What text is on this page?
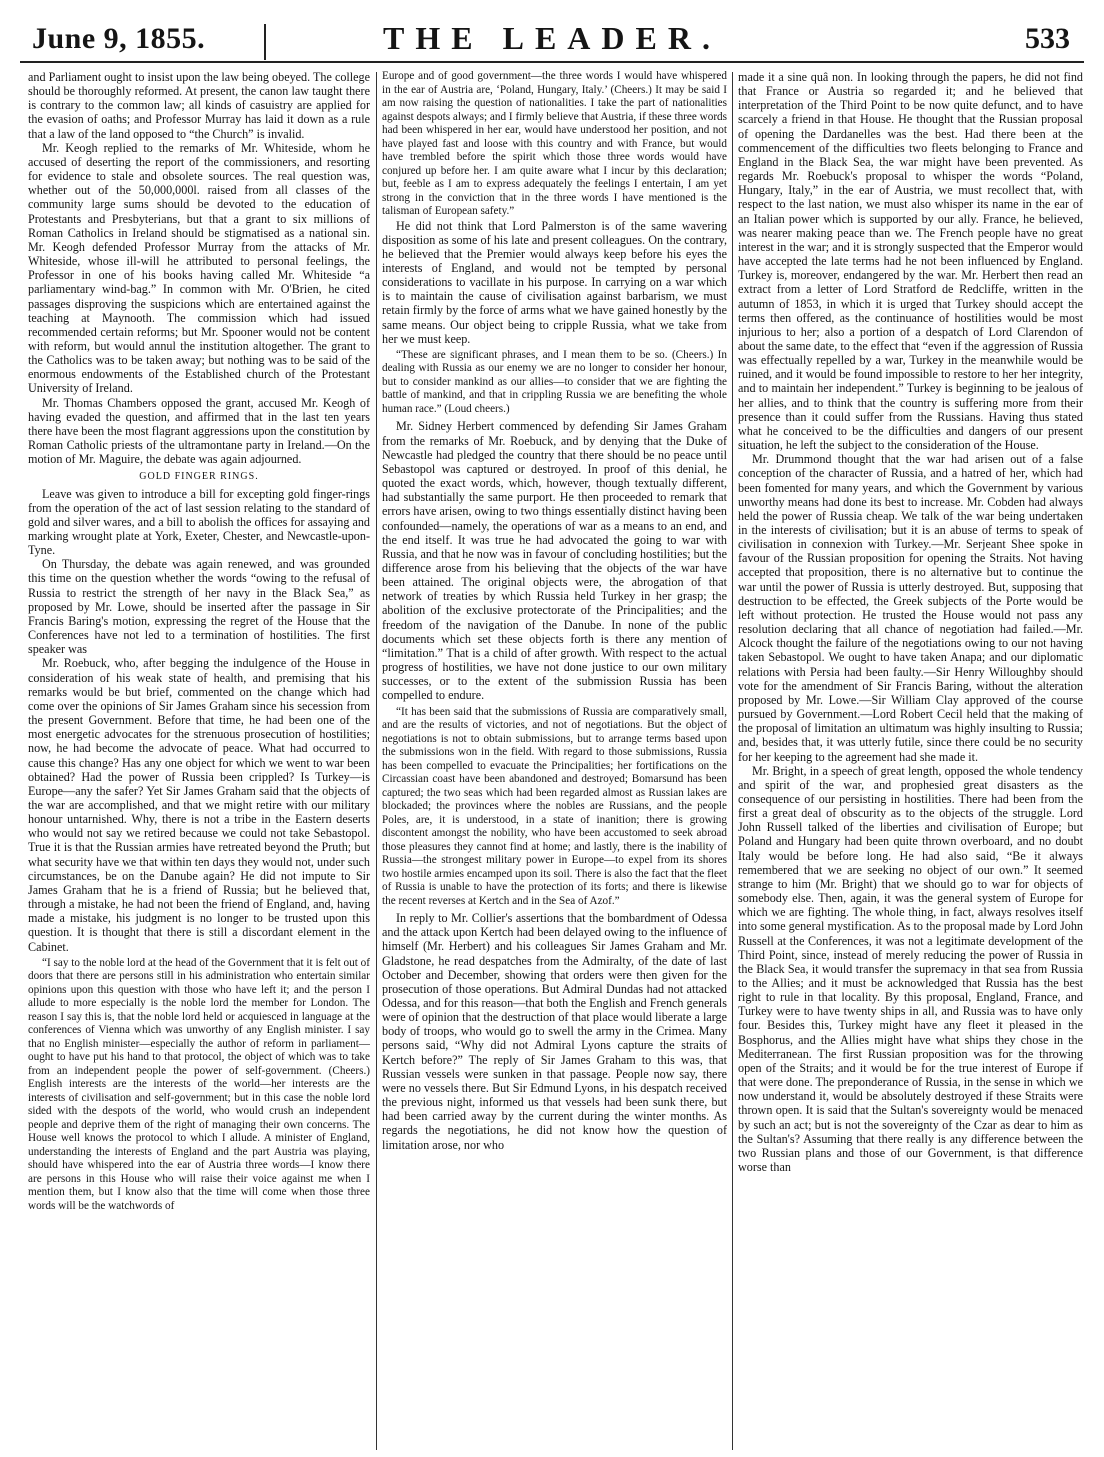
June 9, 1855.	THE LEADER.	533

and Parliament ought to insist upon the law being obeyed. The college should be thoroughly reformed. At present, the canon law taught there is contrary to the common law; all kinds of casuistry are applied for the evasion of oaths; and Professor Murray has laid it down as a rule that a law of the land opposed to “the Church” is invalid.

Mr. Keogh replied to the remarks of Mr. Whiteside, whom he accused of deserting the report of the commissioners, and resorting for evidence to stale and obsolete sources. The real question was, whether out of the 50,000,000l. raised from all classes of the community large sums should be devoted to the education of Protestants and Presbyterians, but that a grant to six millions of Roman Catholics in Ireland should be stigmatised as a national sin. Mr. Keogh defended Professor Murray from the attacks of Mr. Whiteside, whose ill-will he attributed to personal feelings, the Professor in one of his books having called Mr. Whiteside “a parliamentary wind-bag.” In common with Mr. O'Brien, he cited passages disproving the suspicions which are entertained against the teaching at Maynooth. The commission which had issued recommended certain reforms; but Mr. Spooner would not be content with reform, but would annul the institution altogether. The grant to the Catholics was to be taken away; but nothing was to be said of the enormous endowments of the Established church of the Protestant University of Ireland.

Mr. Thomas Chambers opposed the grant, accused Mr. Keogh of having evaded the question, and affirmed that in the last ten years there have been the most flagrant aggressions upon the constitution by Roman Catholic priests of the ultramontane party in Ireland.—On the motion of Mr. Maguire, the debate was again adjourned.

GOLD FINGER RINGS.

Leave was given to introduce a bill for excepting gold finger-rings from the operation of the act of last session relating to the standard of gold and silver wares, and a bill to abolish the offices for assaying and marking wrought plate at York, Exeter, Chester, and Newcastle-upon-Tyne.

On Thursday, the debate was again renewed, and was grounded this time on the question whether the words “owing to the refusal of Russia to restrict the strength of her navy in the Black Sea,” as proposed by Mr. Lowe, should be inserted after the passage in Sir Francis Baring's motion, expressing the regret of the House that the Conferences have not led to a termination of hostilities. The first speaker was

Mr. Roebuck, who, after begging the indulgence of the House in consideration of his weak state of health, and premising that his remarks would be but brief, commented on the change which had come over the opinions of Sir James Graham since his secession from the present Government. Before that time, he had been one of the most energetic advocates for the strenuous prosecution of hostilities; now, he had become the advocate of peace. What had occurred to cause this change? Has any one object for which we went to war been obtained? Had the power of Russia been crippled? Is Turkey—is Europe—any the safer? Yet Sir James Graham said that the objects of the war are accomplished, and that we might retire with our military honour untarnished. Why, there is not a tribe in the Eastern deserts who would not say we retired because we could not take Sebastopol. True it is that the Russian armies have retreated beyond the Pruth; but what security have we that within ten days they would not, under such circumstances, be on the Danube again? He did not impute to Sir James Graham that he is a friend of Russia; but he believed that, through a mistake, he had not been the friend of England, and, having made a mistake, his judgment is no longer to be trusted upon this question. It is thought that there is still a discordant element in the Cabinet.

“I say to the noble lord at the head of the Government that it is felt out of doors that there are persons still in his administration who entertain similar opinions upon this question with those who have left it; and the person I allude to more especially is the noble lord the member for London. The reason I say this is, that the noble lord held or acquiesced in language at the conferences of Vienna which was unworthy of any English minister. I say that no English minister—especially the author of reform in parliament—ought to have put his hand to that protocol, the object of which was to take from an independent people the power of self-government. (Cheers.) English interests are the interests of the world—her interests are the interests of civilisation and self-government; but in this case the noble lord sided with the despots of the world, who would crush an independent people and deprive them of the right of managing their own concerns. The House well knows the protocol to which I allude. A minister of England, understanding the interests of England and the part Austria was playing, should have whispered into the ear of Austria three words—I know there are persons in this House who will raise their voice against me when I mention them, but I know also that the time will come when those three words will be the watchwords of

Europe and of good government—the three words I would have whispered in the ear of Austria are, ‘Poland, Hungary, Italy.’ (Cheers.) It may be said I am now raising the question of nationalities. I take the part of nationalities against despots always; and I firmly believe that Austria, if these three words had been whispered in her ear, would have understood her position, and not have played fast and loose with this country and with France, but would have trembled before the spirit which those three words would have conjured up before her. I am quite aware what I incur by this declaration; but, feeble as I am to express adequately the feelings I entertain, I am yet strong in the conviction that in the three words I have mentioned is the talisman of European safety.”

He did not think that Lord Palmerston is of the same wavering disposition as some of his late and present colleagues. On the contrary, he believed that the Premier would always keep before his eyes the interests of England, and would not be tempted by personal considerations to vacillate in his purpose. In carrying on a war which is to maintain the cause of civilisation against barbarism, we must retain firmly by the force of arms what we have gained honestly by the same means. Our object being to cripple Russia, what we take from her we must keep.

“These are significant phrases, and I mean them to be so. (Cheers.) In dealing with Russia as our enemy we are no longer to consider her honour, but to consider mankind as our allies—to consider that we are fighting the battle of mankind, and that in crippling Russia we are benefiting the whole human race.” (Loud cheers.)

Mr. Sidney Herbert commenced by defending Sir James Graham from the remarks of Mr. Roebuck, and by denying that the Duke of Newcastle had pledged the country that there should be no peace until Sebastopol was captured or destroyed. In proof of this denial, he quoted the exact words, which, however, though textually different, had substantially the same purport. He then proceeded to remark that errors have arisen, owing to two things essentially distinct having been confounded—namely, the operations of war as a means to an end, and the end itself. It was true he had advocated the going to war with Russia, and that he now was in favour of concluding hostilities; but the difference arose from his believing that the objects of the war have been attained. The original objects were, the abrogation of that network of treaties by which Russia held Turkey in her grasp; the abolition of the exclusive protectorate of the Principalities; and the freedom of the navigation of the Danube. In none of the public documents which set these objects forth is there any mention of “limitation.” That is a child of after growth. With respect to the actual progress of hostilities, we have not done justice to our own military successes, or to the extent of the submission Russia has been compelled to endure.

“It has been said that the submissions of Russia are comparatively small, and are the results of victories, and not of negotiations. But the object of negotiations is not to obtain submissions, but to arrange terms based upon the submissions won in the field. With regard to those submissions, Russia has been compelled to evacuate the Principalities; her fortifications on the Circassian coast have been abandoned and destroyed; Bomarsund has been captured; the two seas which had been regarded almost as Russian lakes are blockaded; the provinces where the nobles are Russians, and the people Poles, are, it is understood, in a state of inanition; there is growing discontent amongst the nobility, who have been accustomed to seek abroad those pleasures they cannot find at home; and lastly, there is the inability of Russia—the strongest military power in Europe—to expel from its shores two hostile armies encamped upon its soil. There is also the fact that the fleet of Russia is unable to have the protection of its forts; and there is likewise the recent reverses at Kertch and in the Sea of Azof.”

In reply to Mr. Collier's assertions that the bombardment of Odessa and the attack upon Kertch had been delayed owing to the influence of himself (Mr. Herbert) and his colleagues Sir James Graham and Mr. Gladstone, he read despatches from the Admiralty, of the date of last October and December, showing that orders were then given for the prosecution of those operations. But Admiral Dundas had not attacked Odessa, and for this reason—that both the English and French generals were of opinion that the destruction of that place would liberate a large body of troops, who would go to swell the army in the Crimea. Many persons said, “Why did not Admiral Lyons capture the straits of Kertch before?” The reply of Sir James Graham to this was, that Russian vessels were sunken in that passage. People now say, there were no vessels there. But Sir Edmund Lyons, in his despatch received the previous night, informed us that vessels had been sunk there, but had been carried away by the current during the winter months. As regards the negotiations, he did not know how the question of limitation arose, nor who

made it a sine quâ non. In looking through the papers, he did not find that France or Austria so regarded it; and he believed that interpretation of the Third Point to be now quite defunct, and to have scarcely a friend in that House. He thought that the Russian proposal of opening the Dardanelles was the best. Had there been at the commencement of the difficulties two fleets belonging to France and England in the Black Sea, the war might have been prevented. As regards Mr. Roebuck's proposal to whisper the words “Poland, Hungary, Italy,” in the ear of Austria, we must recollect that, with respect to the last nation, we must also whisper its name in the ear of an Italian power which is supported by our ally. France, he believed, was nearer making peace than we. The French people have no great interest in the war; and it is strongly suspected that the Emperor would have accepted the late terms had he not been influenced by England. Turkey is, moreover, endangered by the war. Mr. Herbert then read an extract from a letter of Lord Stratford de Redcliffe, written in the autumn of 1853, in which it is urged that Turkey should accept the terms then offered, as the continuance of hostilities would be most injurious to her; also a portion of a despatch of Lord Clarendon of about the same date, to the effect that “even if the aggression of Russia was effectually repelled by a war, Turkey in the meanwhile would be ruined, and it would be found impossible to restore to her her integrity, and to maintain her independent.” Turkey is beginning to be jealous of her allies, and to think that the country is suffering more from their presence than it could suffer from the Russians. Having thus stated what he conceived to be the difficulties and dangers of our present situation, he left the subject to the consideration of the House.

Mr. Drummond thought that the war had arisen out of a false conception of the character of Russia, and a hatred of her, which had been fomented for many years, and which the Government by various unworthy means had done its best to increase. Mr. Cobden had always held the power of Russia cheap. We talk of the war being undertaken in the interests of civilisation; but it is an abuse of terms to speak of civilisation in connexion with Turkey.—Mr. Serjeant Shee spoke in favour of the Russian proposition for opening the Straits. Not having accepted that proposition, there is no alternative but to continue the war until the power of Russia is utterly destroyed. But, supposing that destruction to be effected, the Greek subjects of the Porte would be left without protection. He trusted the House would not pass any resolution declaring that all chance of negotiation had failed.—Mr. Alcock thought the failure of the negotiations owing to our not having taken Sebastopol. We ought to have taken Anapa; and our diplomatic relations with Persia had been faulty.—Sir Henry Willoughby should vote for the amendment of Sir Francis Baring, without the alteration proposed by Mr. Lowe.—Sir William Clay approved of the course pursued by Government.—Lord Robert Cecil held that the making of the proposal of limitation an ultimatum was highly insulting to Russia; and, besides that, it was utterly futile, since there could be no security for her keeping to the agreement had she made it.

Mr. Bright, in a speech of great length, opposed the whole tendency and spirit of the war, and prophesied great disasters as the consequence of our persisting in hostilities. There had been from the first a great deal of obscurity as to the objects of the struggle. Lord John Russell talked of the liberties and civilisation of Europe; but Poland and Hungary had been quite thrown overboard, and no doubt Italy would be before long. He had also said, “Be it always remembered that we are seeking no object of our own.” It seemed strange to him (Mr. Bright) that we should go to war for objects of somebody else. Then, again, it was the general system of Europe for which we are fighting. The whole thing, in fact, always resolves itself into some general mystification. As to the proposal made by Lord John Russell at the Conferences, it was not a legitimate development of the Third Point, since, instead of merely reducing the power of Russia in the Black Sea, it would transfer the supremacy in that sea from Russia to the Allies; and it must be acknowledged that Russia has the best right to rule in that locality. By this proposal, England, France, and Turkey were to have twenty ships in all, and Russia was to have only four. Besides this, Turkey might have any fleet it pleased in the Bosphorus, and the Allies might have what ships they chose in the Mediterranean. The first Russian proposition was for the throwing open of the Straits; and it would be for the true interest of Europe if that were done. The preponderance of Russia, in the sense in which we now understand it, would be absolutely destroyed if these Straits were thrown open. It is said that the Sultan's sovereignty would be menaced by such an act; but is not the sovereignty of the Czar as dear to him as the Sultan's? Assuming that there really is any difference between the two Russian plans and those of our Government, is that difference worse than
